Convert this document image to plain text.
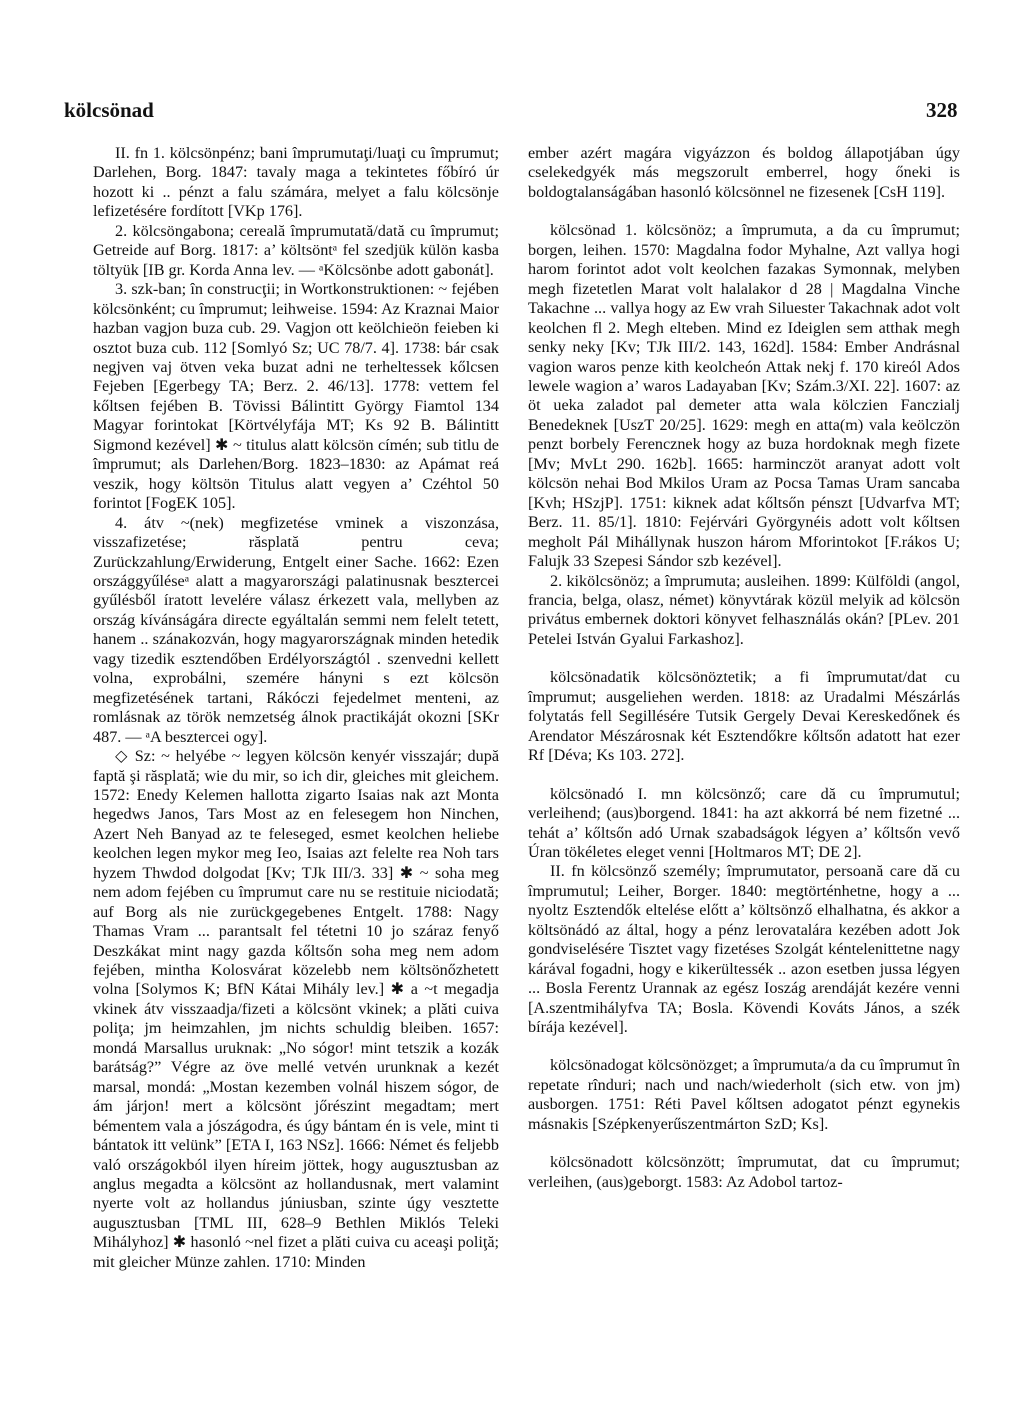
kölcsönad	328

II. fn 1. kölcsönpénz; bani împrumutaţi/luaţi cu împrumut; Darlehen, Borg. 1847: tavaly maga a tekintetes főbíró úr hozott ki .. pénzt a falu számára, melyet a falu kölcsönje lefizetésére fordított [VKp 176].

2. kölcsöngabona; cereală împrumutată/dată cu împrumut; Getreide auf Borg. 1817: a’ költsöntᵃ fel szedjük külön kasba töltyük [IB gr. Korda Anna lev. — ᵃKölcsönbe adott gabonát].

3. szk-ban; în construcţii; in Wortkonstruktionen: ~ fejében kölcsönként; cu împrumut; leihweise. 1594: Az Kraznai Maior hazban vagjon buza cub. 29. Vagjon ott keölchieön feieben ki osztot buza cub. 112 [Somlyó Sz; UC 78/7. 4]. 1738: bár csak negjven vaj ötven veka buzat adni ne terheltessek kőlcsen Fejeben [Egerbegy TA; Berz. 2. 46/13]. 1778: vettem fel kőltsen fejében B. Tövissi Bálintitt György Fiamtol 134 Magyar forintokat [Körtvélyfája MT; Ks 92 B. Bálintitt Sigmond kezével] ✱ ~ titulus alatt kölcsön címén; sub titlu de împrumut; als Darlehen/Borg. 1823–1830: az Apámat reá veszik, hogy költsön Titulus alatt vegyen a’ Czéhtol 50 forintot [FogEK 105].

4. átv ~(nek) megfizetése vminek a viszonzása, visszafizetése; răsplată pentru ceva; Zurückzahlung/Erwiderung, Entgelt einer Sache. 1662: Ezen országgyűléseᵃ alatt a magyarországi palatinusnak besztercei gyűlésből íratott levelére válasz érkezett vala, mellyben az ország kívánságára directe egyáltalán semmi nem felelt tetett, hanem .. szánakozván, hogy magyarországnak minden hetedik vagy tizedik esztendőben Erdélyországtól . szenvedni kellett volna, exprobálni, szemére hányni s ezt kölcsön megfizetésének tartani, Rákóczi fejedelmet menteni, az romlásnak az török nemzetség álnok practikáját okozni [SKr 487. — ᵃA besztercei ogy].

◇ Sz: ~ helyébe ~ legyen kölcsön kenyér visszajár; după faptă şi răsplată; wie du mir, so ich dir, gleiches mit gleichem. 1572: Enedy Kelemen hallotta zigarto Isaias nak azt Monta hegedws Janos, Tars Most az en felesegem hon Ninchen, Azert Neh Banyad az te feleseged, esmet keolchen heliebe keolchen legen mykor meg Ieo, Isaias azt felelte rea Noh tars hyzem Thwdod dolgodat [Kv; TJk III/3. 33] ✱ ~ soha meg nem adom fejében cu împrumut care nu se restituie niciodată; auf Borg als nie zurückgegebenes Entgelt. 1788: Nagy Thamas Vram ... parantsalt fel tétetni 10 jo száraz fenyő Deszkákat mint nagy gazda kőltsőn soha meg nem adom fejében, mintha Kolosvárat közelebb nem költsönőzhetett volna [Solymos K; BfN Kátai Mihály lev.] ✱ a ~t megadja vkinek átv visszaadja/fizeti a kölcsönt vkinek; a plăti cuiva poliţa; jm heimzahlen, jm nichts schuldig bleiben. 1657: mondá Marsallus uruknak: „No sógor! mint tetszik a kozák barátság?” Végre az öve mellé vetvén urunknak a kezét marsal, mondá: „Mostan kezemben volnál hiszem sógor, de ám járjon! mert a kölcsönt jőrészint megadtam; mert bémentem vala a jószágodra, és úgy bántam én is vele, mint ti bántatok itt velünk” [ETA I, 163 NSz]. 1666: Német és feljebb való országokból ilyen híreim jöttek, hogy augusztusban az anglus megadta a kölcsönt az hollandusnak, mert valamint nyerte volt az hollandus júniusban, szinte úgy vesztette augusztusban [TML III, 628–9 Bethlen Miklós Teleki Mihályhoz] ✱ hasonló ~nel fizet a plăti cuiva cu aceaşi poliţă; mit gleicher Münze zahlen. 1710: Minden

ember azért magára vigyázzon és boldog állapotjában úgy cselekedgyék más megszorult emberrel, hogy őneki is boldogtalanságában hasonló kölcsönnel ne fizesenek [CsH 119].

kölcsönad 1. kölcsönöz; a împrumuta, a da cu împrumut; borgen, leihen. 1570: Magdalna fodor Myhalne, Azt vallya hogi harom forintot adot volt keolchen fazakas Symonnak, melyben megh fizetetlen Marat volt halalakor d 28 | Magdalna Vinche Takachne ... vallya hogy az Ew vrah Siluester Takachnak adot volt keolchen fl 2. Megh elteben. Mind ez Ideiglen sem atthak megh senky neky [Kv; TJk III/2. 143, 162d]. 1584: Ember Andrásnal vagion waros penze kith keolcheón Attak nekj f. 170 kireól Ados lewele wagion a’ waros Ladayaban [Kv; Szám.3/XI. 22]. 1607: az öt ueka zaladot pal demeter atta wala kölczien Fanczialj Benedeknek [UszT 20/25]. 1629: megh en atta(m) vala keölczön penzt borbely Ferencznek hogy az buza hordoknak megh fizete [Mv; MvLt 290. 162b]. 1665: harminczöt aranyat adott volt kölcsön nehai Bod Mkilos Uram az Pocsa Tamas Uram sancaba [Kvh; HSzjP]. 1751: kiknek adat kőltsőn pénszt [Udvarfva MT; Berz. 11. 85/1]. 1810: Fejérvári Györgynéis adott volt kőltsen megholt Pál Mihállynak huszon három Mforintokot [F.rákos U; Falujk 33 Szepesi Sándor szb kezével].

2. kikölcsönöz; a împrumuta; ausleihen. 1899: Külföldi (angol, francia, belga, olasz, német) könyvtárak közül melyik ad kölcsön privátus embernek doktori könyvet felhasználás okán? [PLev. 201 Petelei István Gyalui Farkashoz].

kölcsönadatik kölcsönöztetik; a fi împrumutat/dat cu împrumut; ausgeliehen werden. 1818: az Uradalmi Mészárlás folytatás fell Segillésére Tutsik Gergely Devai Kereskedőnek és Arendator Mészárosnak két Esztendőkre kőltsőn adatott hat ezer Rf [Déva; Ks 103. 272].

kölcsönadó I. mn kölcsönző; care dă cu împrumutul; verleihend; (aus)borgend. 1841: ha azt akkorrá bé nem fizetné ... tehát a’ kőltsőn adó Urnak szabadságok légyen a’ kőltsőn vevő Úran tökéletes eleget venni [Holtmaros MT; DE 2].

II. fn kölcsönző személy; împrumutator, persoană care dă cu împrumutul; Leiher, Borger. 1840: megtörténhetne, hogy a ... nyoltz Esztendők eltelése előtt a’ költsönző elhalhatna, és akkor a költsönádó az által, hogy a pénz lerovatalára kezében adott Jok gondviselésére Tisztet vagy fizetéses Szolgát kéntelenittetne nagy kárával fogadni, hogy e kikerültessék .. azon esetben jussa légyen ... Bosla Ferentz Urannak az egész Ioszág arendáját kezére venni [A.szentmihályfva TA; Bosla. Kövendi Kováts János, a szék bírája kezével].

kölcsönadogat kölcsönözget; a împrumuta/a da cu împrumut în repetate rînduri; nach und nach/wiederholt (sich etw. von jm) ausborgen. 1751: Réti Pavel kőltsen adogatot pénzt egynekis másnakis [Szépkenyerűszentmárton SzD; Ks].

kölcsönadott kölcsönzött; împrumutat, dat cu împrumut; verleihen, (aus)geborgt. 1583: Az Adobol tartoz-
